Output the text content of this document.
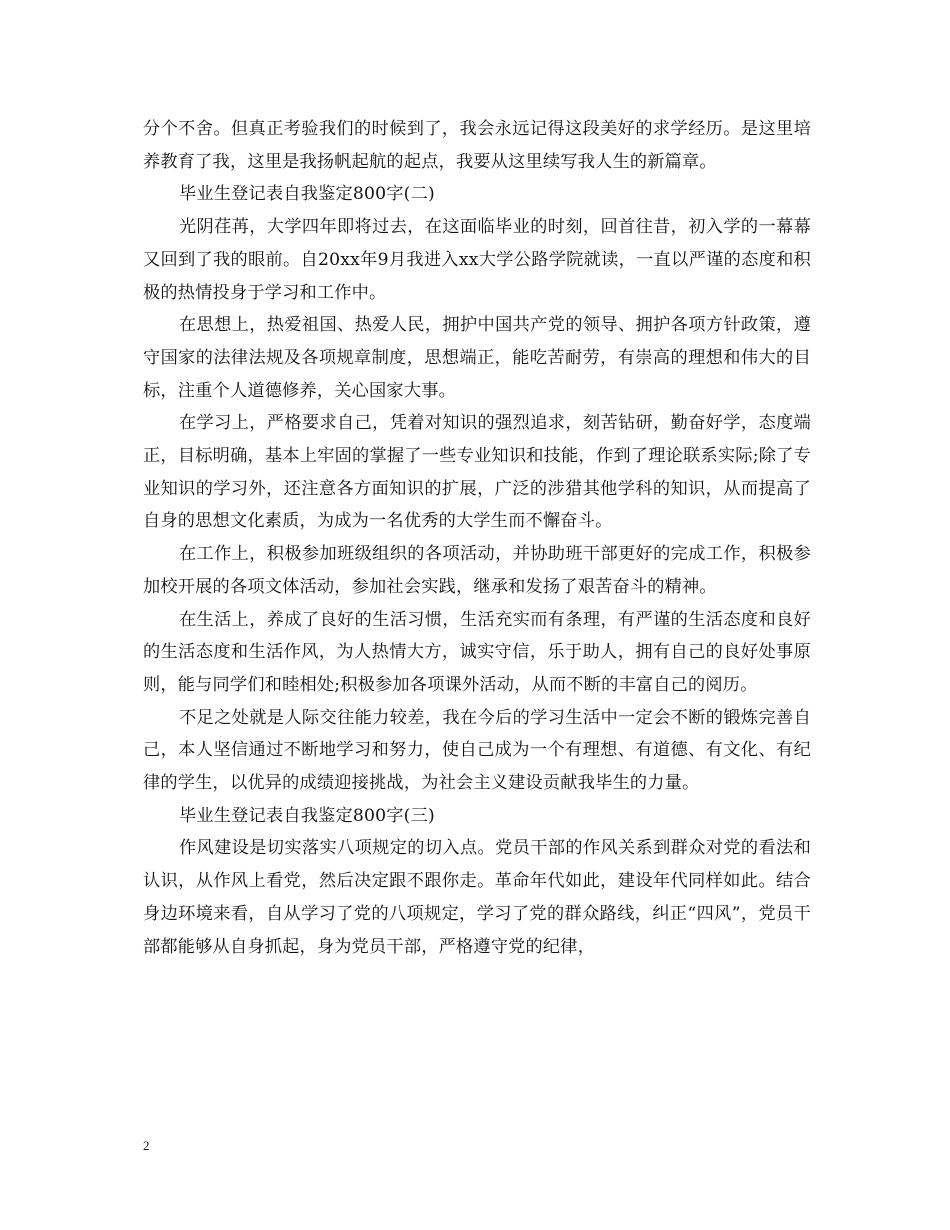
分个不舍。但真正考验我们的时候到了，我会永远记得这段美好的求学经历。是这里培养教育了我，这里是我扬帆起航的起点，我要从这里续写我人生的新篇章。

毕业生登记表自我鉴定800字(二)

光阴荏苒，大学四年即将过去，在这面临毕业的时刻，回首往昔，初入学的一幕幕又回到了我的眼前。自20xx年9月我进入xx大学公路学院就读，一直以严谨的态度和积极的热情投身于学习和工作中。

在思想上，热爱祖国、热爱人民，拥护中国共产党的领导、拥护各项方针政策，遵守国家的法律法规及各项规章制度，思想端正，能吃苦耐劳，有崇高的理想和伟大的目标，注重个人道德修养，关心国家大事。

在学习上，严格要求自己，凭着对知识的强烈追求，刻苦钻研，勤奋好学，态度端正，目标明确，基本上牢固的掌握了一些专业知识和技能，作到了理论联系实际;除了专业知识的学习外，还注意各方面知识的扩展，广泛的涉猎其他学科的知识，从而提高了自身的思想文化素质，为成为一名优秀的大学生而不懈奋斗。

在工作上，积极参加班级组织的各项活动，并协助班干部更好的完成工作，积极参加校开展的各项文体活动，参加社会实践，继承和发扬了艰苦奋斗的精神。

在生活上，养成了良好的生活习惯，生活充实而有条理，有严谨的生活态度和良好的生活态度和生活作风，为人热情大方，诚实守信，乐于助人，拥有自己的良好处事原则，能与同学们和睦相处;积极参加各项课外活动，从而不断的丰富自己的阅历。

不足之处就是人际交往能力较差，我在今后的学习生活中一定会不断的锻炼完善自己，本人坚信通过不断地学习和努力，使自己成为一个有理想、有道德、有文化、有纪律的学生，以优异的成绩迎接挑战，为社会主义建设贡献我毕生的力量。

毕业生登记表自我鉴定800字(三)

作风建设是切实落实八项规定的切入点。党员干部的作风关系到群众对党的看法和认识，从作风上看党，然后决定跟不跟你走。革命年代如此，建设年代同样如此。结合身边环境来看，自从学习了党的八项规定，学习了党的群众路线，纠正“四风”，党员干部都能够从自身抓起，身为党员干部，严格遵守党的纪律，

2
